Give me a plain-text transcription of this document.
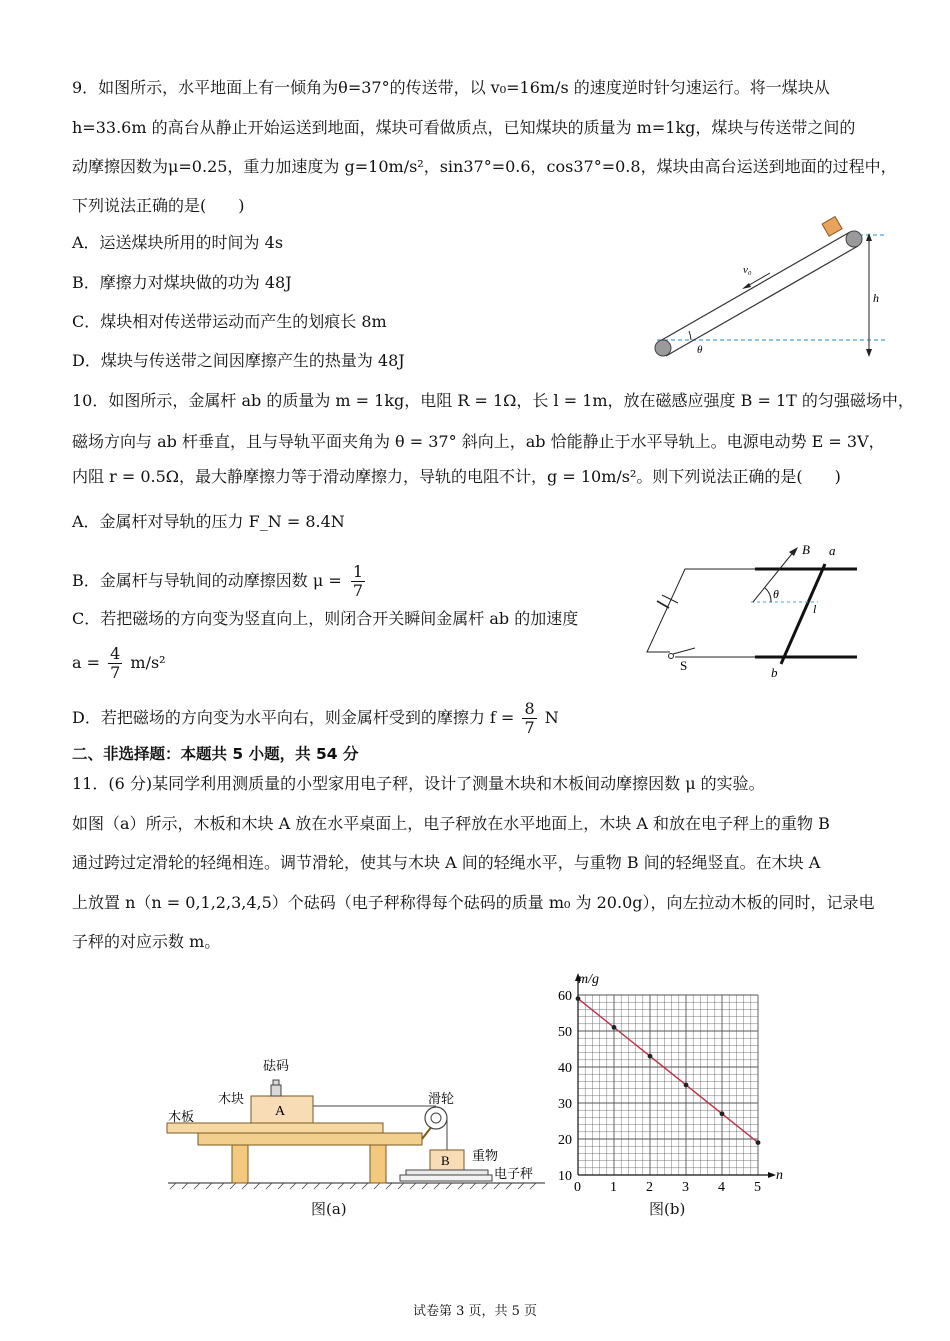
9．如图所示，水平地面上有一倾角为θ=37°的传送带，以 v₀=16m/s 的速度逆时针匀速运行。将一煤块从
h=33.6m 的高台从静止开始运送到地面，煤块可看做质点，已知煤块的质量为 m=1kg，煤块与传送带之间的
动摩擦因数为μ=0.25，重力加速度为 g=10m/s²，sin37°=0.6，cos37°=0.8，煤块由高台运送到地面的过程中，
下列说法正确的是(　　)
A．运送煤块所用的时间为 4s
B．摩擦力对煤块做的功为 48J
C．煤块相对传送带运动而产生的划痕长 8m
D．煤块与传送带之间因摩擦产生的热量为 48J
h
v₀
θ
10．如图所示，金属杆 ab 的质量为 m = 1kg，电阻 R = 1Ω，长 l = 1m，放在磁感应强度 B = 1T 的匀强磁场中，
磁场方向与 ab 杆垂直，且与导轨平面夹角为 θ = 37° 斜向上，ab 恰能静止于水平导轨上。电源电动势 E = 3V，
内阻 r = 0.5Ω，最大静摩擦力等于滑动摩擦力，导轨的电阻不计，g = 10m/s²。则下列说法正确的是(　　)
A．金属杆对导轨的压力 F_N = 8.4N
B．金属杆与导轨间的动摩擦因数 $\mu = \frac{1}{7}$
C．若把磁场的方向变为竖直向上，则闭合开关瞬间金属杆 ab 的加速度
$a = \frac{4}{7} m/s^2$
D．若把磁场的方向变为水平向右，则金属杆受到的摩擦力 $f = \frac{8}{7}$ N
S
B a
b
θ
l
二、非选择题：本题共 5 小题，共 54 分
11．(6 分)某同学利用测质量的小型家用电子秤，设计了测量木块和木板间动摩擦因数 μ 的实验。
如图（a）所示，木板和木块 A 放在水平桌面上，电子秤放在水平地面上，木块 A 和放在电子秤上的重物 B
通过跨过定滑轮的轻绳相连。调节滑轮，使其与木块 A 间的轻绳水平，与重物 B 间的轻绳竖直。在木块 A
上放置 n（n = 0,1,2,3,4,5）个砝码（电子秤称得每个砝码的质量 m₀ 为 20.0g），向左拉动木板的同时，记录电
子秤的对应示数 m。
A
B
砝码
木块
木板
滑轮
重物
电子秤
图(a)
0 1 2 3 4 5
10
20
30
40
50
60
m/g
n
图(b)
试卷第 3 页，共 5 页
